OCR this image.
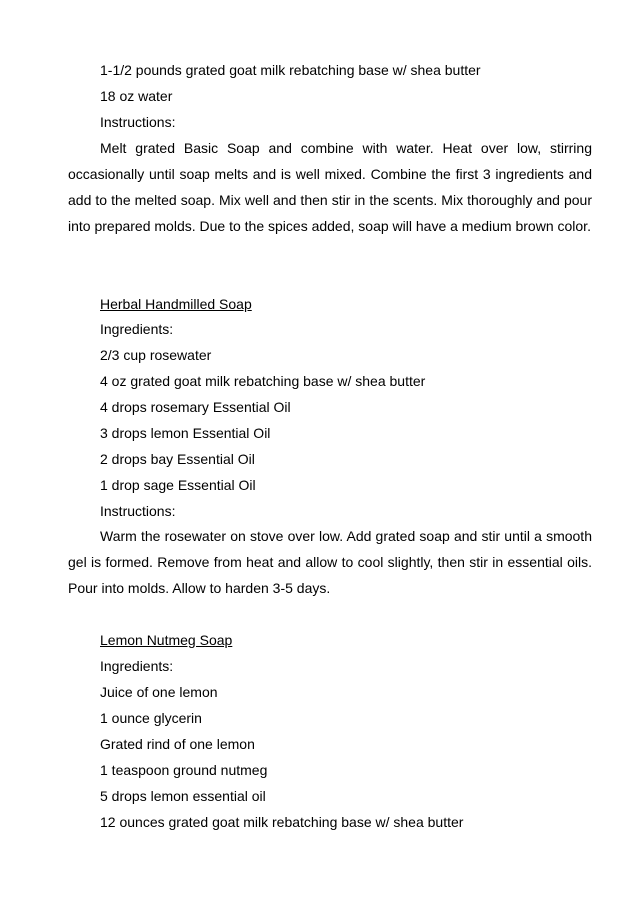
1-1/2 pounds grated goat milk rebatching base w/ shea butter
18 oz water
Instructions:

Melt grated Basic Soap and combine with water. Heat over low, stirring occasionally until soap melts and is well mixed. Combine the first 3 ingredients and add to the melted soap. Mix well and then stir in the scents. Mix thoroughly and pour into prepared molds. Due to the spices added, soap will have a medium brown color.

Herbal Handmilled Soap
Ingredients:
2/3 cup rosewater
4 oz grated goat milk rebatching base w/ shea butter
4 drops rosemary Essential Oil
3 drops lemon Essential Oil
2 drops bay Essential Oil
1 drop sage Essential Oil
Instructions:

Warm the rosewater on stove over low. Add grated soap and stir until a smooth gel is formed. Remove from heat and allow to cool slightly, then stir in essential oils. Pour into molds. Allow to harden 3-5 days.

Lemon Nutmeg Soap
Ingredients:
Juice of one lemon
1 ounce glycerin
Grated rind of one lemon
1 teaspoon ground nutmeg
5 drops lemon essential oil
12 ounces grated goat milk rebatching base w/ shea butter
